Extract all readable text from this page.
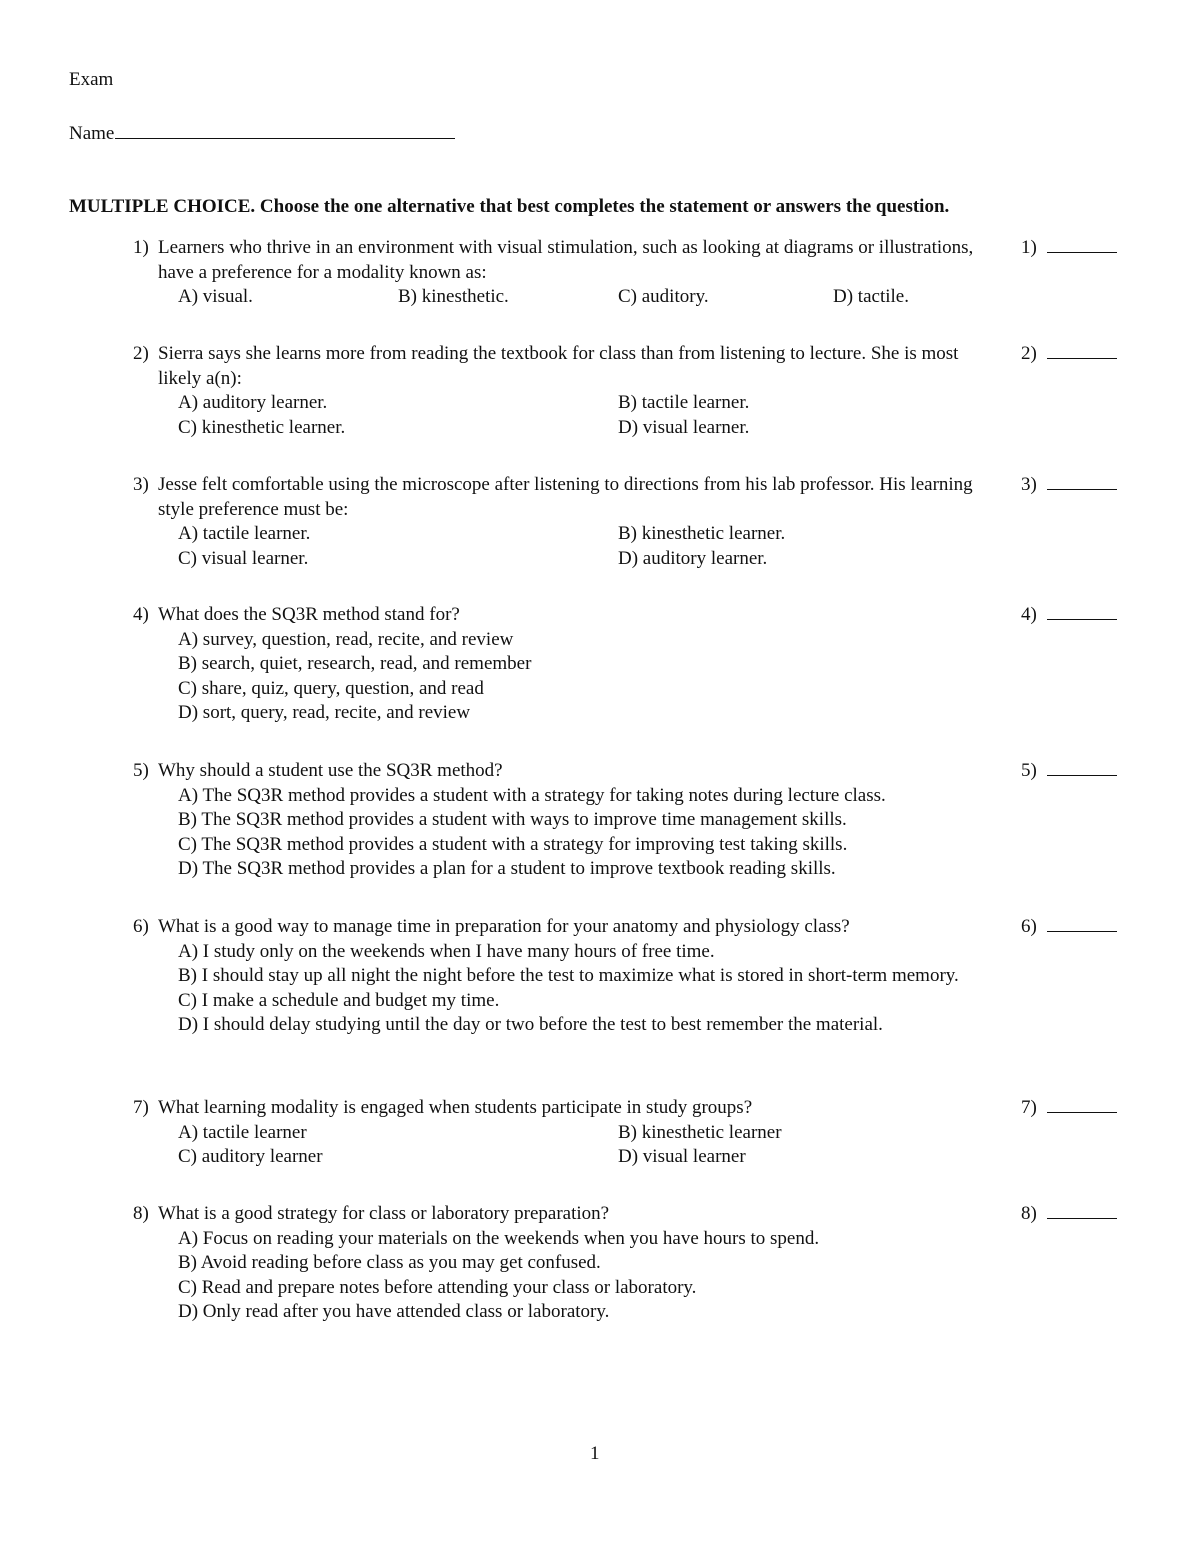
Exam

Name

MULTIPLE CHOICE. Choose the one alternative that best completes the statement or answers the question.

1) Learners who thrive in an environment with visual stimulation, such as looking at diagrams or illustrations, have a preference for a modality known as:

A) visual.	B) kinesthetic.	C) auditory.	D) tactile.
1)

2) Sierra says she learns more from reading the textbook for class than from listening to lecture. She is most likely a(n):

A) auditory learner.	B) tactile learner.
C) kinesthetic learner.	D) visual learner.
2)

3) Jesse felt comfortable using the microscope after listening to directions from his lab professor. His learning style preference must be:

A) tactile learner.	B) kinesthetic learner.
C) visual learner.	D) auditory learner.
3)

4) What does the SQ3R method stand for?

A) survey, question, read, recite, and review
B) search, quiet, research, read, and remember
C) share, quiz, query, question, and read
D) sort, query, read, recite, and review
4)

5) Why should a student use the SQ3R method?

A) The SQ3R method provides a student with a strategy for taking notes during lecture class.
B) The SQ3R method provides a student with ways to improve time management skills.
C) The SQ3R method provides a student with a strategy for improving test taking skills.
D) The SQ3R method provides a plan for a student to improve textbook reading skills.
5)

6) What is a good way to manage time in preparation for your anatomy and physiology class?

A) I study only on the weekends when I have many hours of free time.
B) I should stay up all night the night before the test to maximize what is stored in short-term memory.
C) I make a schedule and budget my time.
D) I should delay studying until the day or two before the test to best remember the material.
6)

7) What learning modality is engaged when students participate in study groups?

A) tactile learner	B) kinesthetic learner
C) auditory learner	D) visual learner
7)

8) What is a good strategy for class or laboratory preparation?

A) Focus on reading your materials on the weekends when you have hours to spend.
B) Avoid reading before class as you may get confused.
C) Read and prepare notes before attending your class or laboratory.
D) Only read after you have attended class or laboratory.
8)

1
